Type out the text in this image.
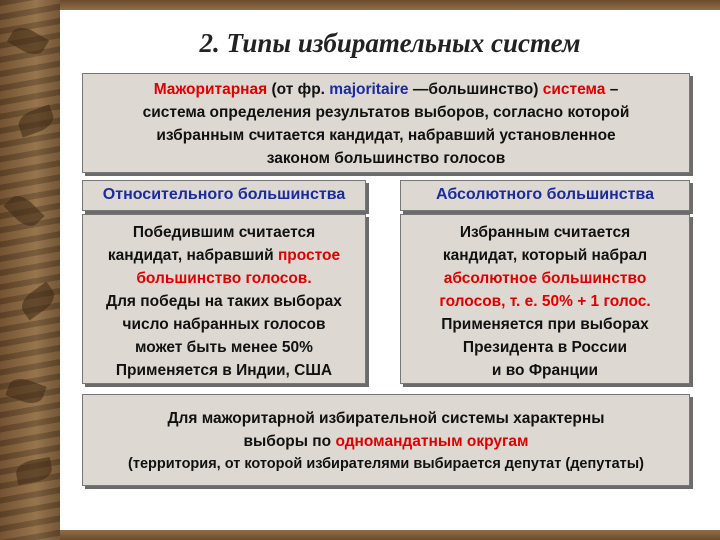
2. Типы избирательных систем
Мажоритарная (от фр. majoritaire —большинство) система –
система определения результатов выборов, согласно которой
избранным считается кандидат, набравший установленное
законом большинство голосов
Относительного большинства	Абсолютного большинства
Победившим считается
кандидат, набравший простое
большинство голосов.
Для победы на таких выборах
число набранных голосов
может быть менее 50%
Применяется в Индии, США
Избранным считается
кандидат, который набрал
абсолютное большинство
голосов, т. е. 50% + 1 голос.
Применяется при выборах
Президента в России
и во Франции
Для мажоритарной избирательной системы характерны
выборы по одномандатным округам
(территория, от которой избирателями выбирается депутат (депутаты)
